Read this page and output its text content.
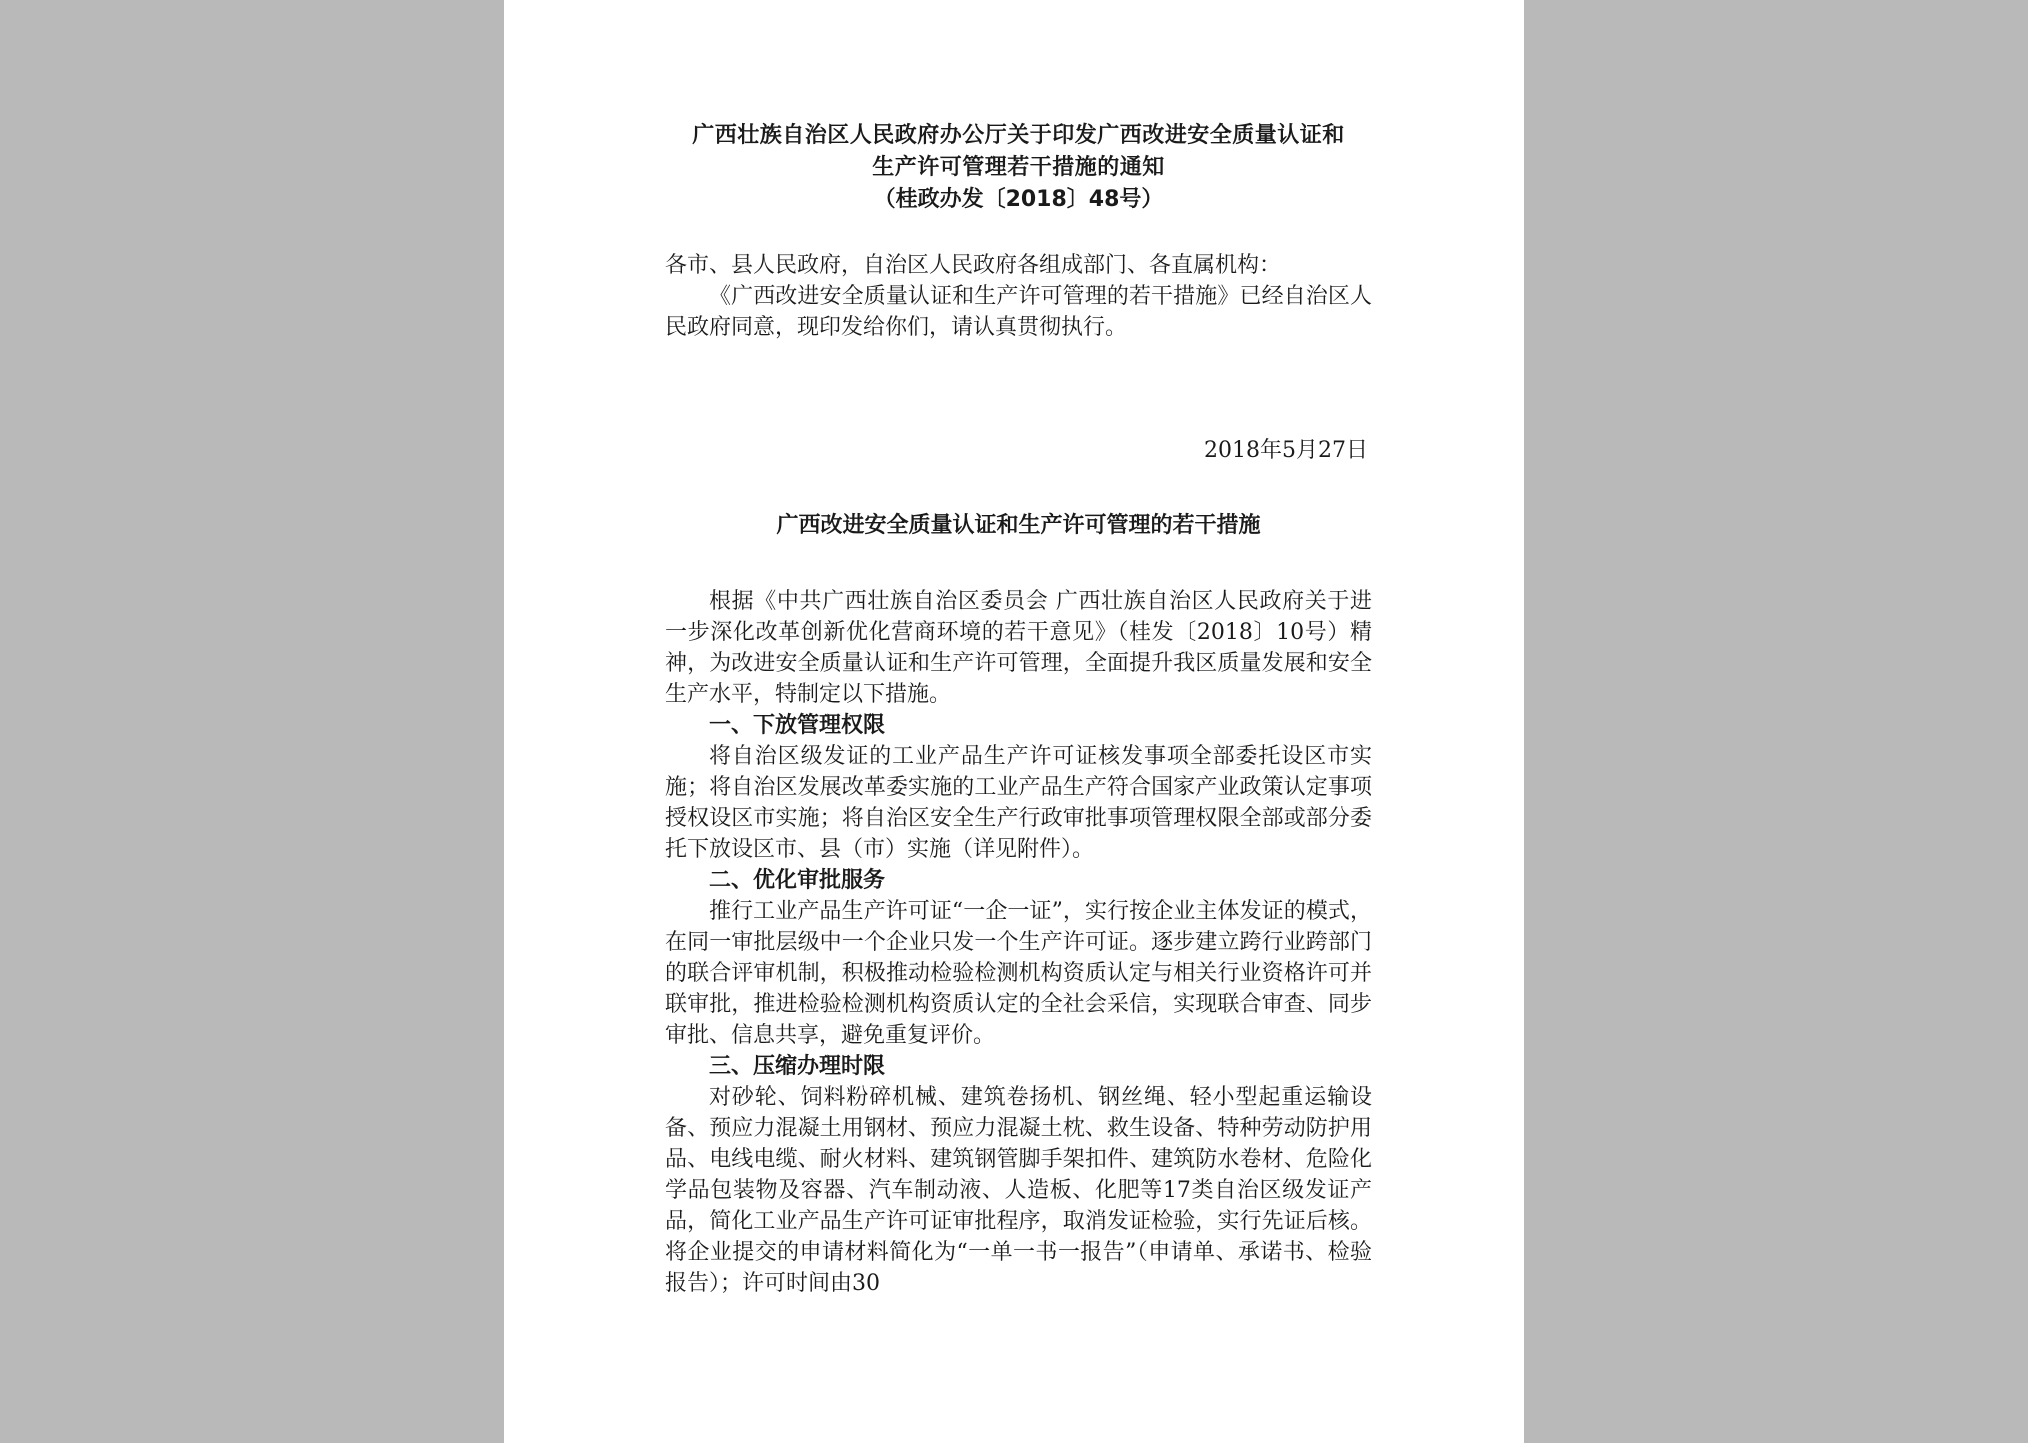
广西壮族自治区人民政府办公厅关于印发广西改进安全质量认证和
生产许可管理若干措施的通知
（桂政办发〔2018〕48号）

各市、县人民政府，自治区人民政府各组成部门、各直属机构：

《广西改进安全质量认证和生产许可管理的若干措施》已经自治区人民政府同意，现印发给你们，请认真贯彻执行。

2018年5月27日
广西改进安全质量认证和生产许可管理的若干措施

根据《中共广西壮族自治区委员会 广西壮族自治区人民政府关于进一步深化改革创新优化营商环境的若干意见》（桂发〔2018〕10号）精神，为改进安全质量认证和生产许可管理，全面提升我区质量发展和安全生产水平，特制定以下措施。

一、下放管理权限

将自治区级发证的工业产品生产许可证核发事项全部委托设区市实施；将自治区发展改革委实施的工业产品生产符合国家产业政策认定事项授权设区市实施；将自治区安全生产行政审批事项管理权限全部或部分委托下放设区市、县（市）实施（详见附件）。

二、优化审批服务

推行工业产品生产许可证“一企一证”，实行按企业主体发证的模式，在同一审批层级中一个企业只发一个生产许可证。逐步建立跨行业跨部门的联合评审机制，积极推动检验检测机构资质认定与相关行业资格许可并联审批，推进检验检测机构资质认定的全社会采信，实现联合审查、同步审批、信息共享，避免重复评价。

三、压缩办理时限

对砂轮、饲料粉碎机械、建筑卷扬机、钢丝绳、轻小型起重运输设备、预应力混凝土用钢材、预应力混凝土枕、救生设备、特种劳动防护用品、电线电缆、耐火材料、建筑钢管脚手架扣件、建筑防水卷材、危险化学品包装物及容器、汽车制动液、人造板、化肥等17类自治区级发证产品，简化工业产品生产许可证审批程序，取消发证检验，实行先证后核。将企业提交的申请材料简化为“一单一书一报告”（申请单、承诺书、检验报告）；许可时间由30
